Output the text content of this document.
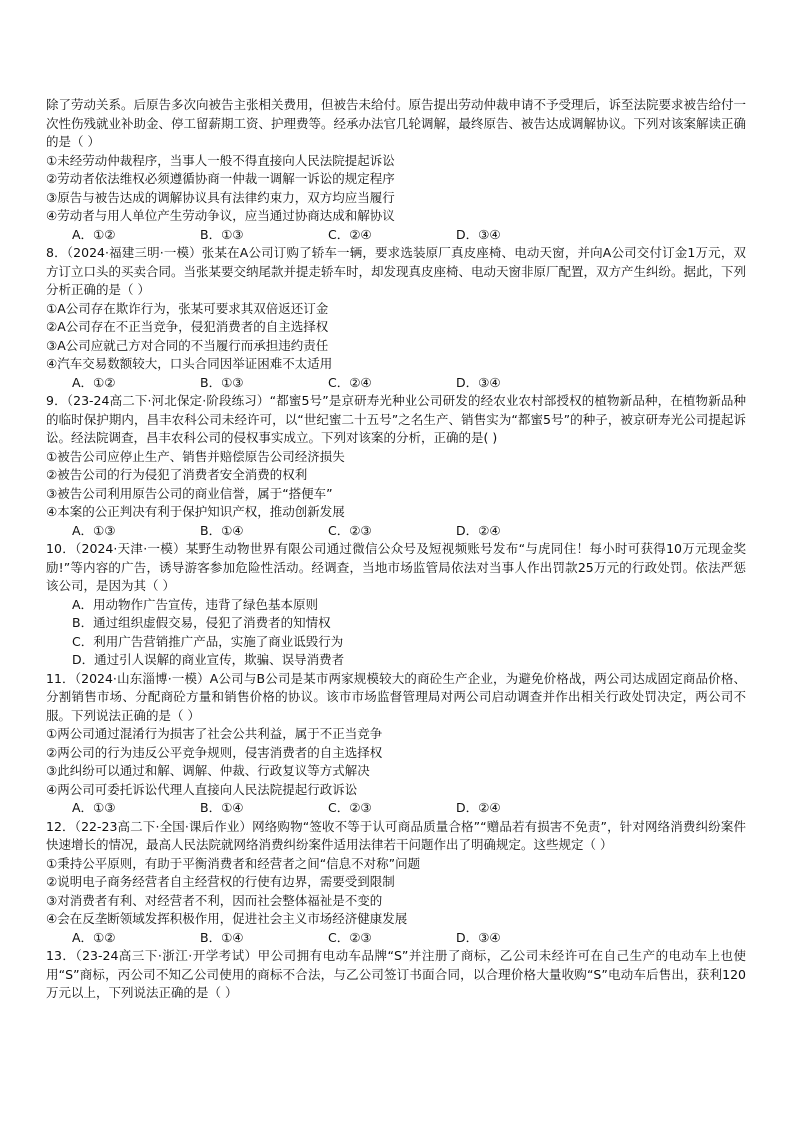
除了劳动关系。后原告多次向被告主张相关费用，但被告未给付。原告提出劳动仲裁申请不予受理后，诉至法院要求被告给付一次性伤残就业补助金、停工留薪期工资、护理费等。经承办法官几轮调解，最终原告、被告达成调解协议。下列对该案解读正确的是（ ）

①未经劳动仲裁程序，当事人一般不得直接向人民法院提起诉讼

②劳动者依法维权必须遵循协商一仲裁一调解一诉讼的规定程序

③原告与被告达成的调解协议具有法律约束力，双方均应当履行

④劳动者与用人单位产生劳动争议，应当通过协商达成和解协议

A．①②	B．①③	C．②④	D．③④

8．（2024·福建三明·一模）张某在A公司订购了轿车一辆，要求选装原厂真皮座椅、电动天窗，并向A公司交付订金1万元，双方订立口头的买卖合同。当张某要交纳尾款并提走轿车时，却发现真皮座椅、电动天窗非原厂配置，双方产生纠纷。据此，下列分析正确的是（ ）

①A公司存在欺诈行为，张某可要求其双倍返还订金

②A公司存在不正当竞争，侵犯消费者的自主选择权

③A公司应就己方对合同的不当履行而承担违约责任

④汽车交易数额较大，口头合同因举证困难不太适用

A．①②	B．①③	C．②④	D．③④

9．（23-24高二下·河北保定·阶段练习）“都蜜5号”是京研寿光种业公司研发的经农业农村部授权的植物新品种，在植物新品种的临时保护期内，昌丰农科公司未经许可，以“世纪蜜二十五号”之名生产、销售实为“都蜜5号”的种子，被京研寿光公司提起诉讼。经法院调查，昌丰农科公司的侵权事实成立。下列对该案的分析，正确的是( )

①被告公司应停止生产、销售并赔偿原告公司经济损失

②被告公司的行为侵犯了消费者安全消费的权利

③被告公司利用原告公司的商业信誉，属于“搭便车”

④本案的公正判决有利于保护知识产权，推动创新发展

A．①③	B．①④	C．②③	D．②④

10．（2024·天津·一模）某野生动物世界有限公司通过微信公众号及短视频账号发布“与虎同住！每小时可获得10万元现金奖励!”等内容的广告，诱导游客参加危险性活动。经调查，当地市场监管局依法对当事人作出罚款25万元的行政处罚。依法严惩该公司，是因为其（ ）

A．用动物作广告宣传，违背了绿色基本原则

B．通过组织虚假交易，侵犯了消费者的知情权

C．利用广告营销推广产品，实施了商业诋毁行为

D．通过引人误解的商业宣传，欺骗、误导消费者

11．（2024·山东淄博·一模）A公司与B公司是某市两家规模较大的商砼生产企业，为避免价格战，两公司达成固定商品价格、分割销售市场、分配商砼方量和销售价格的协议。该市市场监督管理局对两公司启动调查并作出相关行政处罚决定，两公司不服。下列说法正确的是（ ）

①两公司通过混淆行为损害了社会公共利益，属于不正当竞争

②两公司的行为违反公平竞争规则，侵害消费者的自主选择权

③此纠纷可以通过和解、调解、仲裁、行政复议等方式解决

④两公司可委托诉讼代理人直接向人民法院提起行政诉讼

A．①③	B．①④	C．②③	D．②④

12．（22-23高二下·全国·课后作业）网络购物“签收不等于认可商品质量合格”“赠品若有损害不免责”，针对网络消费纠纷案件快速增长的情况，最高人民法院就网络消费纠纷案件适用法律若干问题作出了明确规定。这些规定（ ）

①秉持公平原则，有助于平衡消费者和经营者之间“信息不对称”问题

②说明电子商务经营者自主经营权的行使有边界，需要受到限制

③对消费者有利、对经营者不利，因而社会整体福祉是不变的

④会在反垄断领域发挥积极作用，促进社会主义市场经济健康发展

A．①②	B．①④	C．②③	D．③④

13．（23-24高三下·浙江·开学考试）甲公司拥有电动车品牌“S”并注册了商标，乙公司未经许可在自己生产的电动车上也使用“S”商标，丙公司不知乙公司使用的商标不合法，与乙公司签订书面合同，以合理价格大量收购“S”电动车后售出，获利120万元以上，下列说法正确的是（ ）
